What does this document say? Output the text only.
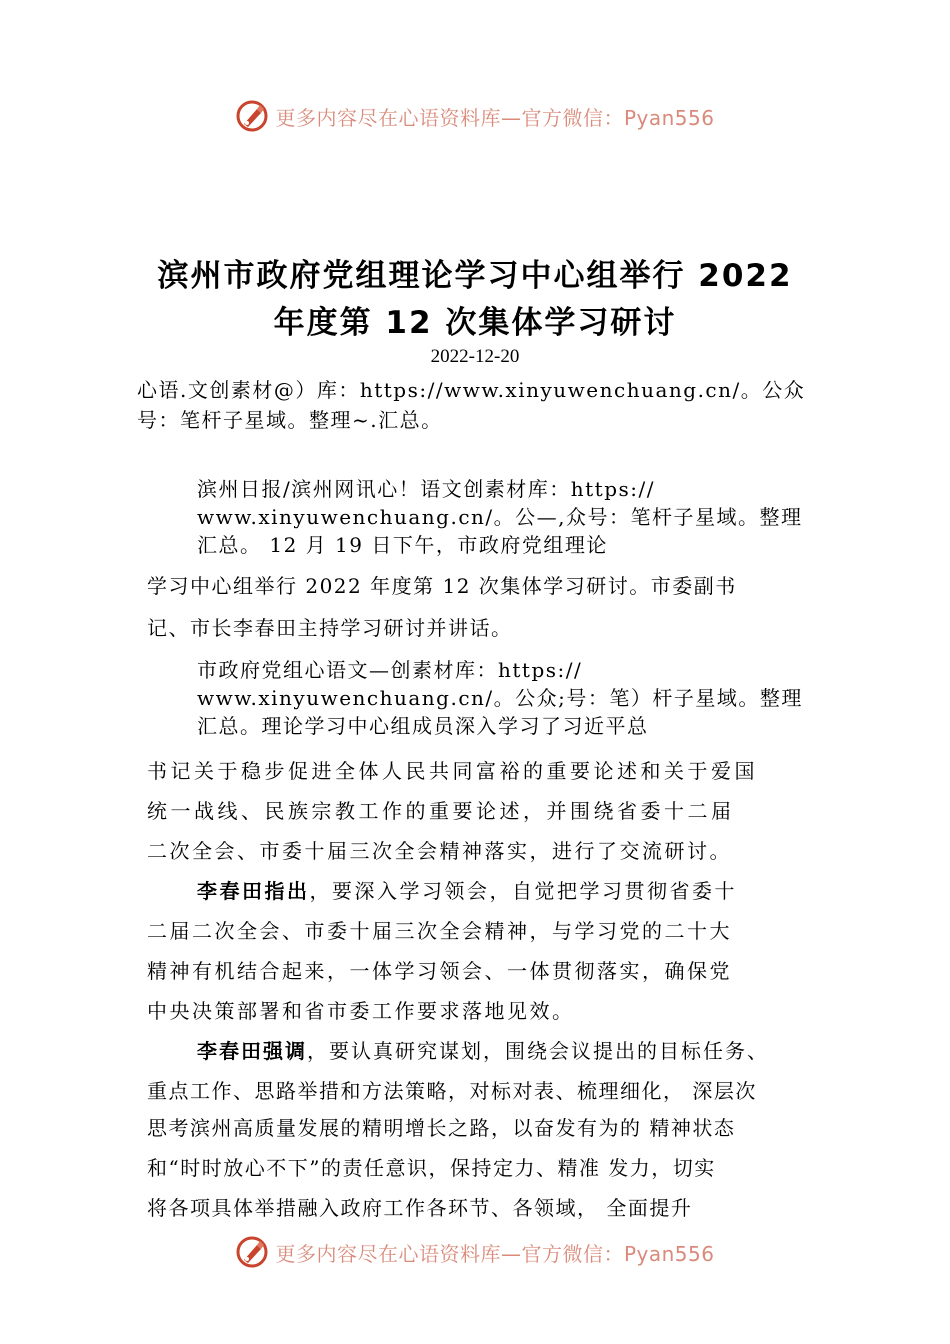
更多内容尽在心语资料库—官方微信：Pyan556
滨州市政府党组理论学习中心组举行 2022
年度第 12 次集体学习研讨
2022-12-20
心语.文创素材@）库：https://www.xinyuwenchuang.cn/。公众
号：笔杆子星域。整理~.汇总。
滨州日报/滨州网讯心！语文创素材库：https://
www.xinyuwenchuang.cn/。公—,众号：笔杆子星域。整理
汇总。 12 月 19 日下午，市政府党组理论
学习中心组举行 2022 年度第 12 次集体学习研讨。市委副书
记、市长李春田主持学习研讨并讲话。
市政府党组心语文—创素材库：https://
www.xinyuwenchuang.cn/。公众;号：笔）杆子星域。整理
汇总。理论学习中心组成员深入学习了习近平总
书记关于稳步促进全体人民共同富裕的重要论述和关于爱国
统一战线、民族宗教工作的重要论述，并围绕省委十二届
二次全会、市委十届三次全会精神落实，进行了交流研讨。
李春田指出，要深入学习领会，自觉把学习贯彻省委十
二届二次全会、市委十届三次全会精神，与学习党的二十大
精神有机结合起来，一体学习领会、一体贯彻落实，确保党
中央决策部署和省市委工作要求落地见效。
李春田强调，要认真研究谋划，围绕会议提出的目标任务、
重点工作、思路举措和方法策略，对标对表、梳理细化， 深层次
思考滨州高质量发展的精明增长之路，以奋发有为的 精神状态
和“时时放心不下”的责任意识，保持定力、精准 发力，切实
将各项具体举措融入政府工作各环节、各领域， 全面提升
更多内容尽在心语资料库—官方微信：Pyan556
